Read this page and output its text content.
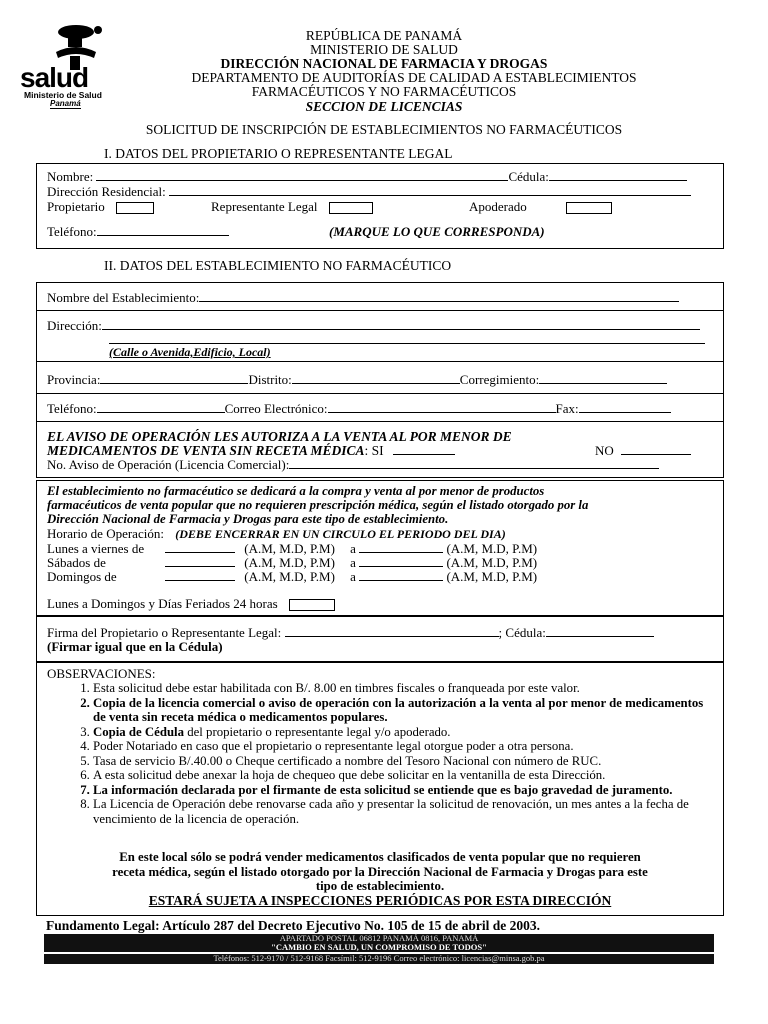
salud
Ministerio de Salud
Panamá
REPÚBLICA DE PANAMÁ
MINISTERIO DE SALUD
DIRECCIÓN NACIONAL DE FARMACIA Y DROGAS
DEPARTAMENTO DE AUDITORÍAS DE CALIDAD A ESTABLECIMIENTOS
FARMACÉUTICOS Y NO FARMACÉUTICOS
SECCION DE LICENCIAS
SOLICITUD DE INSCRIPCIÓN DE ESTABLECIMIENTOS NO FARMACÉUTICOS
I. DATOS DEL PROPIETARIO O REPRESENTANTE LEGAL
Nombre:	Cédula:
Dirección Residencial:
Propietario	Representante Legal	Apoderado
Teléfono:	(MARQUE LO QUE CORRESPONDA)
II. DATOS DEL ESTABLECIMIENTO NO FARMACÉUTICO
Nombre del Establecimiento:
Dirección:
(Calle o Avenida,Edificio, Local)
Provincia:	Distrito:	Corregimiento:
Teléfono:	Correo Electrónico:	Fax:
EL AVISO DE OPERACIÓN LES AUTORIZA A LA VENTA AL POR MENOR DE
MEDICAMENTOS DE VENTA SIN RECETA MÉDICA: SI	NO
No. Aviso de Operación (Licencia Comercial):
El establecimiento no farmacéutico se dedicará a la compra y venta al por menor de productos
farmacéuticos de venta popular que no requieren prescripción médica, según el listado otorgado por la
Dirección Nacional de Farmacia y Drogas para este tipo de establecimiento.
Horario de Operación: (DEBE ENCERRAR EN UN CIRCULO EL PERIODO DEL DIA)
Lunes a viernes de	(A.M, M.D, P.M) a	(A.M, M.D, P.M)
Sábados de	(A.M, M.D, P.M) a	(A.M, M.D, P.M)
Domingos de	(A.M, M.D, P.M) a	(A.M, M.D, P.M)
Lunes a Domingos y Días Feriados 24 horas
Firma del Propietario o Representante Legal:	; Cédula:
(Firmar igual que en la Cédula)
OBSERVACIONES:
1. Esta solicitud debe estar habilitada con B/. 8.00 en timbres fiscales o franqueada por este valor.
2. Copia de la licencia comercial o aviso de operación con la autorización a la venta al por menor de medicamentos de venta sin receta médica o medicamentos populares.
3. Copia de Cédula del propietario o representante legal y/o apoderado.
4. Poder Notariado en caso que el propietario o representante legal otorgue poder a otra persona.
5. Tasa de servicio B/.40.00 o Cheque certificado a nombre del Tesoro Nacional con número de RUC.
6. A esta solicitud debe anexar la hoja de chequeo que debe solicitar en la ventanilla de esta Dirección.
7. La información declarada por el firmante de esta solicitud se entiende que es bajo gravedad de juramento.
8. La Licencia de Operación debe renovarse cada año y presentar la solicitud de renovación, un mes antes a la fecha de vencimiento de la licencia de operación.
En este local sólo se podrá vender medicamentos clasificados de venta popular que no requieren
receta médica, según el listado otorgado por la Dirección Nacional de Farmacia y Drogas para este
tipo de establecimiento.
ESTARÁ SUJETA A INSPECCIONES PERIÓDICAS POR ESTA DIRECCIÓN
Fundamento Legal: Artículo 287 del Decreto Ejecutivo No. 105 de 15 de abril de 2003.
APARTADO POSTAL 06812 PANAMÁ 0816, PANAMÁ
"CAMBIO EN SALUD, UN COMPROMISO DE TODOS"
Teléfonos: 512-9170 / 512-9168 Facsímil: 512-9196 Correo electrónico: licencias@minsa.gob.pa
